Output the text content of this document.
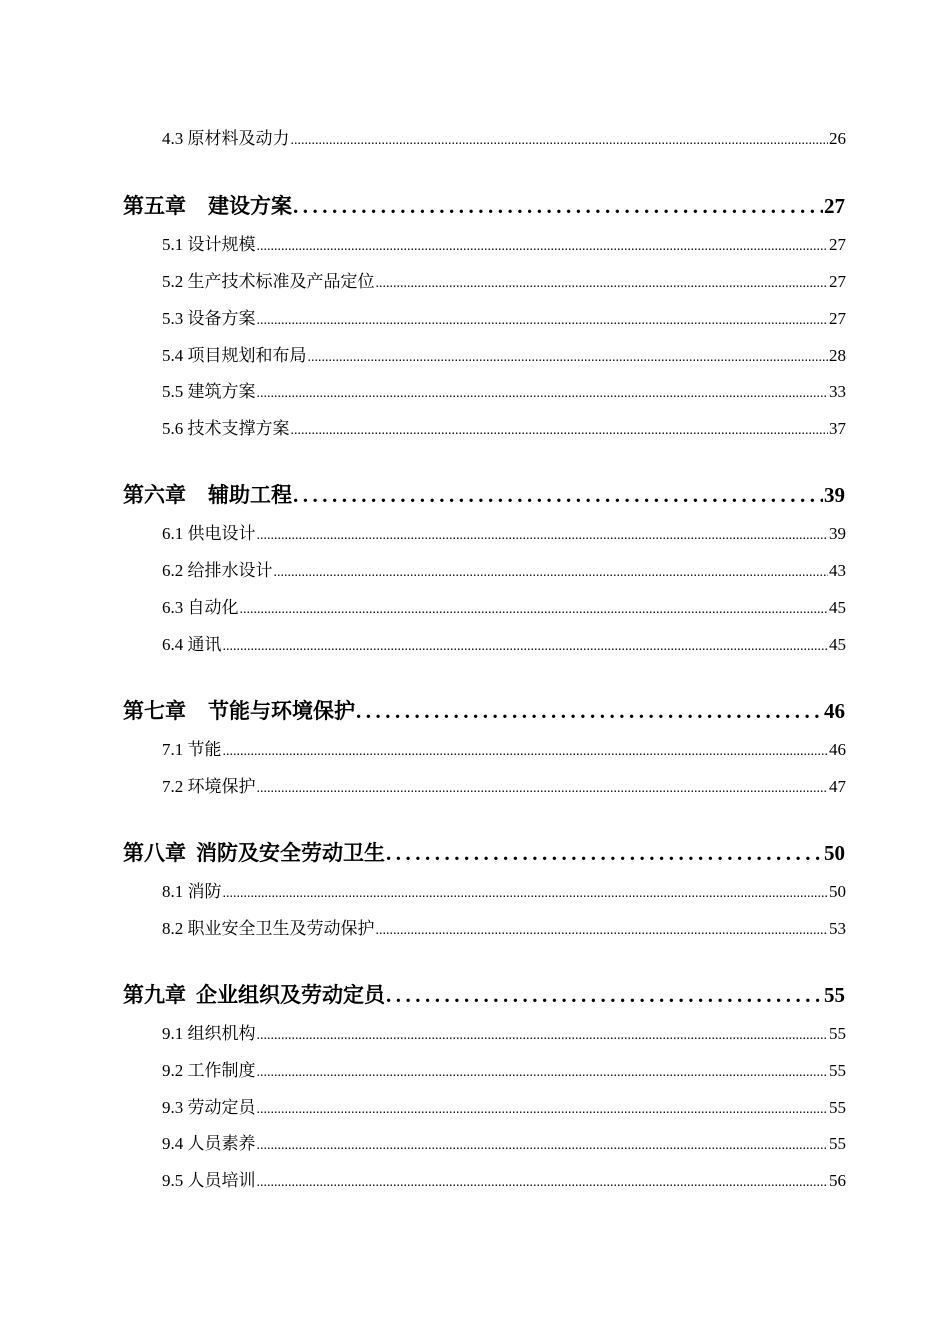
4.3 原材料及动力 .....	26
第五章 建设方案 .....	27
5.1 设计规模 .....	27
5.2 生产技术标准及产品定位 .....	27
5.3 设备方案 .....	27
5.4 项目规划和布局 .....	28
5.5 建筑方案 .....	33
5.6 技术支撑方案 .....	37
第六章 辅助工程 .....	39
6.1 供电设计 .....	39
6.2 给排水设计 .....	43
6.3 自动化 .....	45
6.4 通讯 .....	45
第七章 节能与环境保护 .....	46
7.1 节能 .....	46
7.2 环境保护 .....	47
第八章 消防及安全劳动卫生 .....	50
8.1 消防 .....	50
8.2 职业安全卫生及劳动保护 .....	53
第九章 企业组织及劳动定员 .....	55
9.1 组织机构 .....	55
9.2 工作制度 .....	55
9.3 劳动定员 .....	55
9.4 人员素养 .....	55
9.5 人员培训 .....	56
